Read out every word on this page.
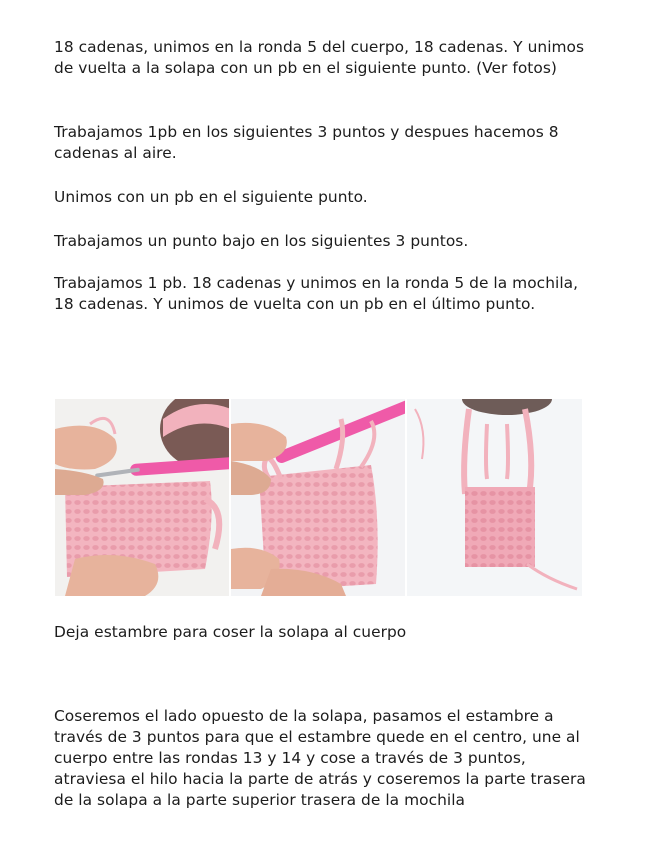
18 cadenas, unimos en la ronda 5 del cuerpo, 18 cadenas. Y unimos de vuelta a la solapa con un pb en el siguiente punto. (Ver fotos)

Trabajamos 1pb en los siguientes 3 puntos y despues hacemos 8 cadenas al aire.

Unimos con un pb en el siguiente punto.

Trabajamos un punto bajo en los siguientes 3 puntos.

Trabajamos 1 pb. 18 cadenas y unimos en la ronda 5 de la mochila, 18 cadenas. Y unimos de vuelta con un pb en el último punto.

Deja estambre para coser la solapa al cuerpo

Coseremos el lado opuesto de la solapa, pasamos el estambre a través de 3 puntos para que el estambre quede en el centro, une al cuerpo entre las rondas 13 y 14 y cose a través de 3 puntos, atraviesa el hilo hacia la parte de atrás y coseremos la parte trasera de la solapa a la parte superior trasera de la mochila
